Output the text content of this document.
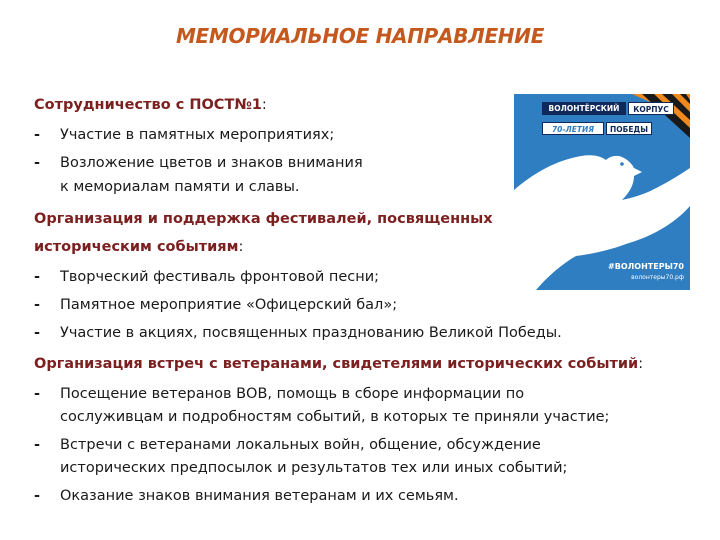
МЕМОРИАЛЬНОЕ НАПРАВЛЕНИЕ
Сотрудничество с ПОСТ№1:
- Участие в памятных мероприятиях;
- Возложение цветов и знаков внимания
к мемориалам памяти и славы.
Организация и поддержка фестивалей, посвященных
историческим событиям:
- Творческий фестиваль фронтовой песни;
- Памятное мероприятие «Офицерский бал»;
- Участие в акциях, посвященных празднованию Великой Победы.
Организация встреч с ветеранами, свидетелями исторических событий:
- Посещение ветеранов ВОВ, помощь в сборе информации по
сослуживцам и подробностям событий, в которых те приняли участие;
- Встречи с ветеранами локальных войн, общение, обсуждение
исторических предпосылок и результатов тех или иных событий;
- Оказание знаков внимания ветеранам и их семьям.
ВОЛОНТЁРСКИЙ	КОРПУС
70-ЛЕТИЯ	ПОБЕДЫ
#ВОЛОНТЕРЫ70
волонтеры70.рф
